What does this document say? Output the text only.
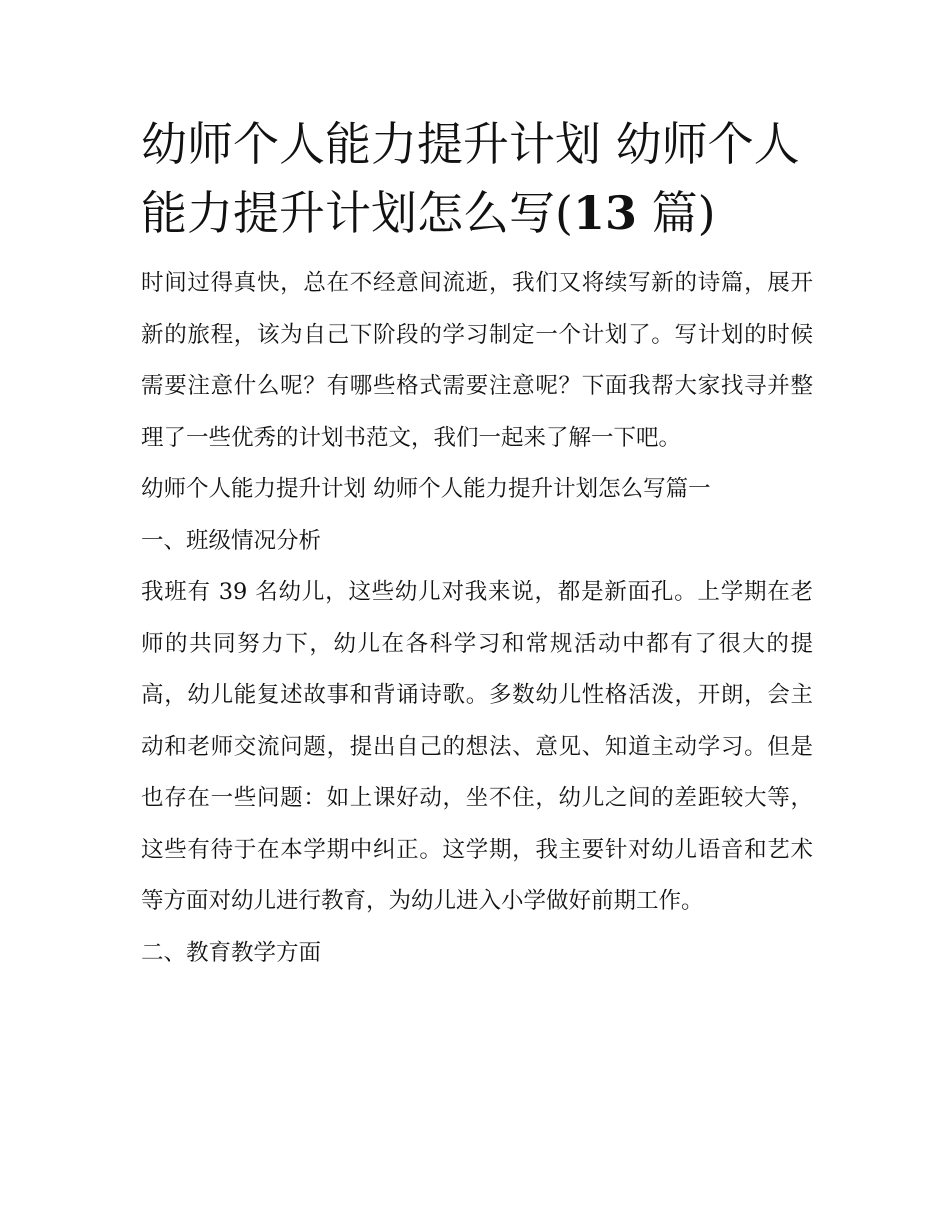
幼师个人能力提升计划 幼师个人能力提升计划怎么写(13 篇)

时间过得真快，总在不经意间流逝，我们又将续写新的诗篇，展开新的旅程，该为自己下阶段的学习制定一个计划了。写计划的时候需要注意什么呢？有哪些格式需要注意呢？下面我帮大家找寻并整理了一些优秀的计划书范文，我们一起来了解一下吧。

幼师个人能力提升计划 幼师个人能力提升计划怎么写篇一

一、班级情况分析

我班有 39 名幼儿，这些幼儿对我来说，都是新面孔。上学期在老师的共同努力下，幼儿在各科学习和常规活动中都有了很大的提高，幼儿能复述故事和背诵诗歌。多数幼儿性格活泼，开朗，会主动和老师交流问题，提出自己的想法、意见、知道主动学习。但是也存在一些问题：如上课好动，坐不住，幼儿之间的差距较大等，这些有待于在本学期中纠正。这学期，我主要针对幼儿语音和艺术等方面对幼儿进行教育，为幼儿进入小学做好前期工作。

二、教育教学方面
